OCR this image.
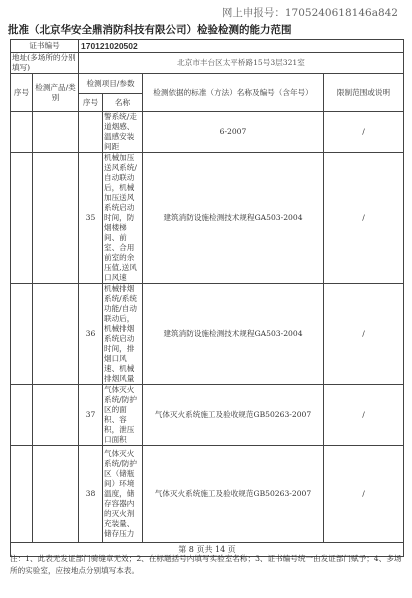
网上申报号：17052406181​46a842
批准（北京华安全鼎消防科技有限公司）检验检测的能力范围
证书编号		170121020502			
地址(多场所的分别填写)		北京市丰台区太平桥路15号3层321室			
序号	检测产品/类别	检测项目/参数		检测依据的标准（方法）名称及编号（含年号）	限制范围或说明
		序号	名称		
			警系统/走道烟感、温感安装间距	6-2007	/
		35	机械加压送风系统/自动联动后，机械加压送风系统启动时间，防烟楼梯间、前室、合用前室的余压值,送风口风速	建筑消防设施检测技术规程GA503-2004	/
		36	机械排烟系统/系统功能/自动联动后，机械排烟系统启动时间，排烟口风速、机械排烟风量	建筑消防设施检测技术规程GA503-2004	/
		37	气体灭火系统/防护区的面积、容积，泄压口面积	气体灭火系统施工及验收规范GB50263-2007	/
		38	气体灭火系统/防护区（储瓶间）环境温度，储存容器内的灭火剂充装量、储存压力	气体灭火系统施工及验收规范GB50263-2007	/
第 8 页共 14 页					
注：1、此表无发证部门骑缝章无效；2、在标题括号内填写实验室名称；3、证书编号统一由发证部门赋予；4、多场所的实验室，应按地点分别填写本表。
